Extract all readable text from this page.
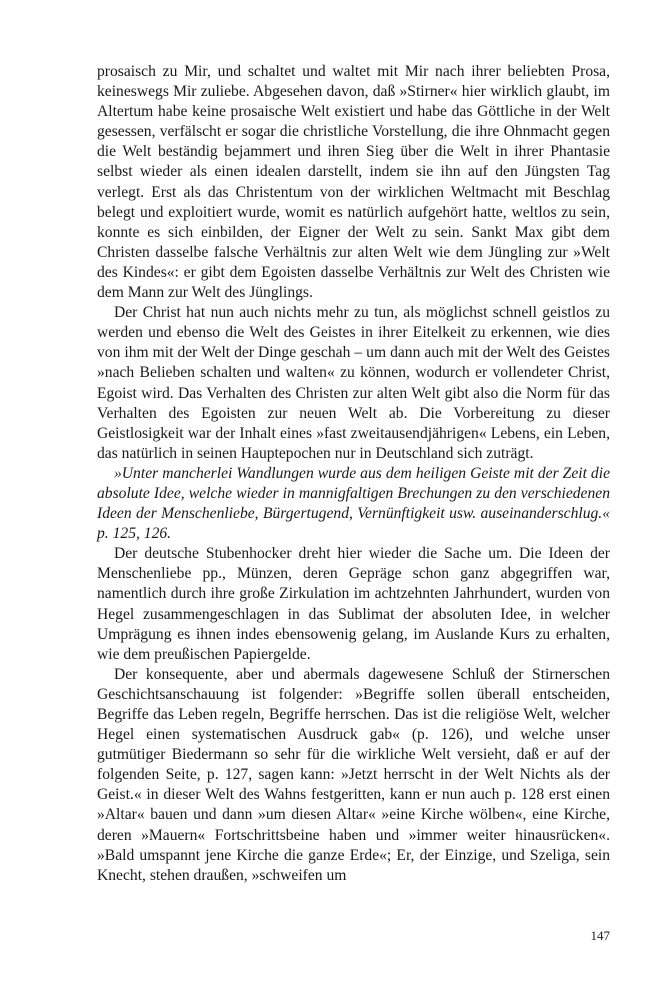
prosaisch zu Mir, und schaltet und waltet mit Mir nach ihrer beliebten Prosa, keineswegs Mir zuliebe. Abgesehen davon, daß »Stirner« hier wirklich glaubt, im Altertum habe keine prosaische Welt existiert und habe das Göttliche in der Welt gesessen, verfälscht er sogar die christliche Vorstellung, die ihre Ohnmacht gegen die Welt beständig bejammert und ihren Sieg über die Welt in ihrer Phantasie selbst wieder als einen idealen darstellt, indem sie ihn auf den Jüngsten Tag verlegt. Erst als das Christentum von der wirklichen Weltmacht mit Beschlag belegt und exploitiert wurde, womit es natürlich aufgehört hatte, weltlos zu sein, konnte es sich einbilden, der Eigner der Welt zu sein. Sankt Max gibt dem Christen dasselbe falsche Verhältnis zur alten Welt wie dem Jüngling zur »Welt des Kindes«: er gibt dem Egoisten dasselbe Verhältnis zur Welt des Christen wie dem Mann zur Welt des Jünglings.

Der Christ hat nun auch nichts mehr zu tun, als möglichst schnell geistlos zu werden und ebenso die Welt des Geistes in ihrer Eitelkeit zu erkennen, wie dies von ihm mit der Welt der Dinge geschah – um dann auch mit der Welt des Geistes »nach Belieben schalten und walten« zu können, wodurch er vollendeter Christ, Egoist wird. Das Verhalten des Christen zur alten Welt gibt also die Norm für das Verhalten des Egoisten zur neuen Welt ab. Die Vorbereitung zu dieser Geistlosigkeit war der Inhalt eines »fast zweitausendjährigen« Lebens, ein Leben, das natürlich in seinen Hauptepochen nur in Deutschland sich zuträgt.

»Unter mancherlei Wandlungen wurde aus dem heiligen Geiste mit der Zeit die absolute Idee, welche wieder in mannigfaltigen Brechungen zu den verschiedenen Ideen der Menschenliebe, Bürgertugend, Vernünftigkeit usw. auseinanderschlug.« p. 125, 126.

Der deutsche Stubenhocker dreht hier wieder die Sache um. Die Ideen der Menschenliebe pp., Münzen, deren Gepräge schon ganz abgegriffen war, namentlich durch ihre große Zirkulation im achtzehnten Jahrhundert, wurden von Hegel zusammengeschlagen in das Sublimat der absoluten Idee, in welcher Umprägung es ihnen indes ebensowenig gelang, im Auslande Kurs zu erhalten, wie dem preußischen Papiergelde.

Der konsequente, aber und abermals dagewesene Schluß der Stirnerschen Geschichtsanschauung ist folgender: »Begriffe sollen überall entscheiden, Begriffe das Leben regeln, Begriffe herrschen. Das ist die religiöse Welt, welcher Hegel einen systematischen Ausdruck gab« (p. 126), und welche unser gutmütiger Biedermann so sehr für die wirkliche Welt versieht, daß er auf der folgenden Seite, p. 127, sagen kann: »Jetzt herrscht in der Welt Nichts als der Geist.« in dieser Welt des Wahns festgeritten, kann er nun auch p. 128 erst einen »Altar« bauen und dann »um diesen Altar« »eine Kirche wölben«, eine Kirche, deren »Mauern« Fortschrittsbeine haben und »immer weiter hinausrücken«. »Bald umspannt jene Kirche die ganze Erde«; Er, der Einzige, und Szeliga, sein Knecht, stehen draußen, »schweifen um

147
